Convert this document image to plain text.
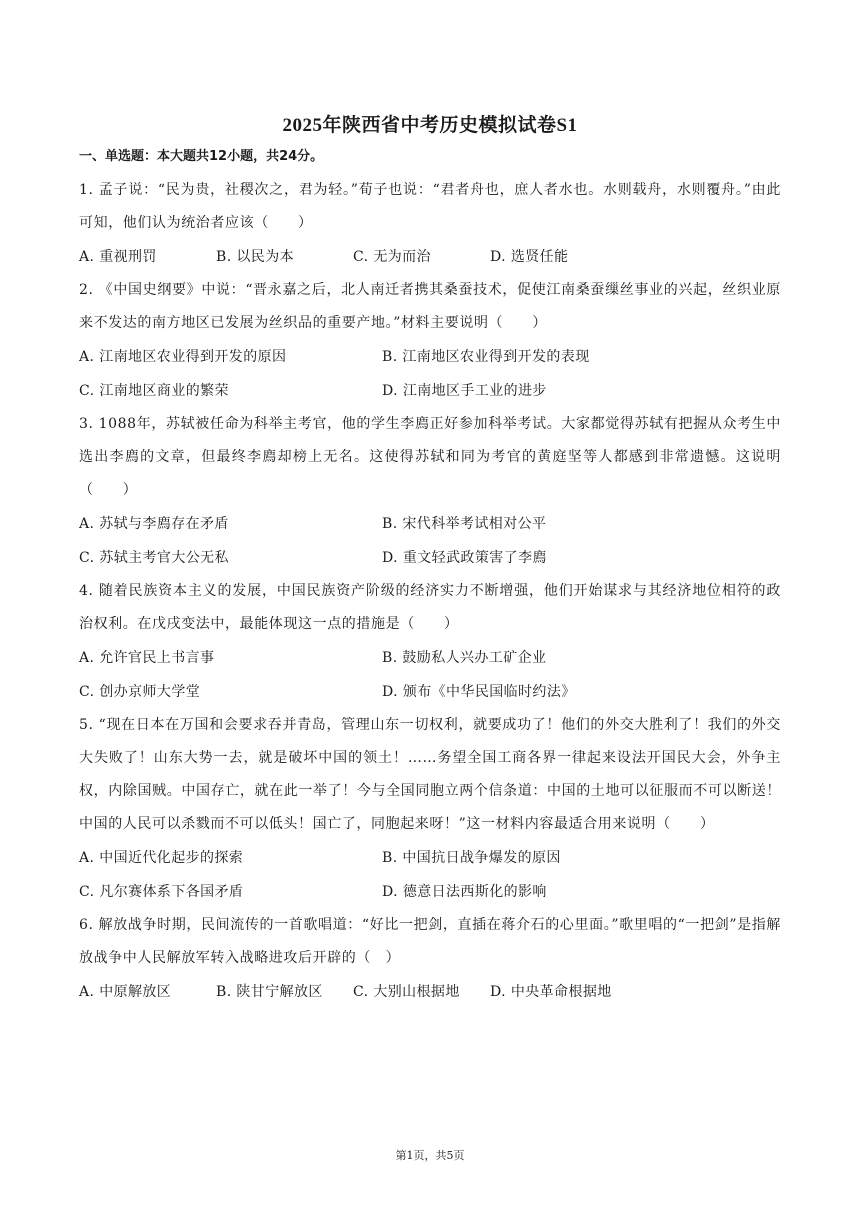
2025年陕西省中考历史模拟试卷S1
一、单选题：本大题共12小题，共24分。

1. 孟子说：“民为贵，社稷次之，君为轻。”荀子也说：“君者舟也，庶人者水也。水则载舟，水则覆舟。”由此可知，他们认为统治者应该（　　）

A. 重视刑罚	B. 以民为本	C. 无为而治	D. 选贤任能

2. 《中国史纲要》中说：“晋永嘉之后，北人南迁者携其桑蚕技术，促使江南桑蚕缫丝事业的兴起，丝织业原来不发达的南方地区已发展为丝织品的重要产地。”材料主要说明（　　）

A. 江南地区农业得到开发的原因	B. 江南地区农业得到开发的表现
C. 江南地区商业的繁荣	D. 江南地区手工业的进步

3. 1088年，苏轼被任命为科举主考官，他的学生李廌正好参加科举考试。大家都觉得苏轼有把握从众考生中选出李廌的文章，但最终李廌却榜上无名。这使得苏轼和同为考官的黄庭坚等人都感到非常遗憾。这说明（　　）

A. 苏轼与李廌存在矛盾	B. 宋代科举考试相对公平
C. 苏轼主考官大公无私	D. 重文轻武政策害了李廌

4. 随着民族资本主义的发展，中国民族资产阶级的经济实力不断增强，他们开始谋求与其经济地位相符的政治权利。在戊戌变法中，最能体现这一点的措施是（　　）

A. 允许官民上书言事	B. 鼓励私人兴办工矿企业
C. 创办京师大学堂	D. 颁布《中华民国临时约法》

5. “现在日本在万国和会要求吞并青岛，管理山东一切权利，就要成功了！他们的外交大胜利了！我们的外交大失败了！山东大势一去，就是破坏中国的领土！……务望全国工商各界一律起来设法开国民大会，外争主权，内除国贼。中国存亡，就在此一举了！今与全国同胞立两个信条道：中国的土地可以征服而不可以断送！中国的人民可以杀戮而不可以低头！国亡了，同胞起来呀！”这一材料内容最适合用来说明（　　）

A. 中国近代化起步的探索	B. 中国抗日战争爆发的原因
C. 凡尔赛体系下各国矛盾	D. 德意日法西斯化的影响

6. 解放战争时期，民间流传的一首歌唱道：“好比一把剑，直插在蒋介石的心里面。”歌里唱的“一把剑”是指解放战争中人民解放军转入战略进攻后开辟的（　）

A. 中原解放区	B. 陕甘宁解放区	C. 大别山根据地	D. 中央革命根据地
第1页，共5页
